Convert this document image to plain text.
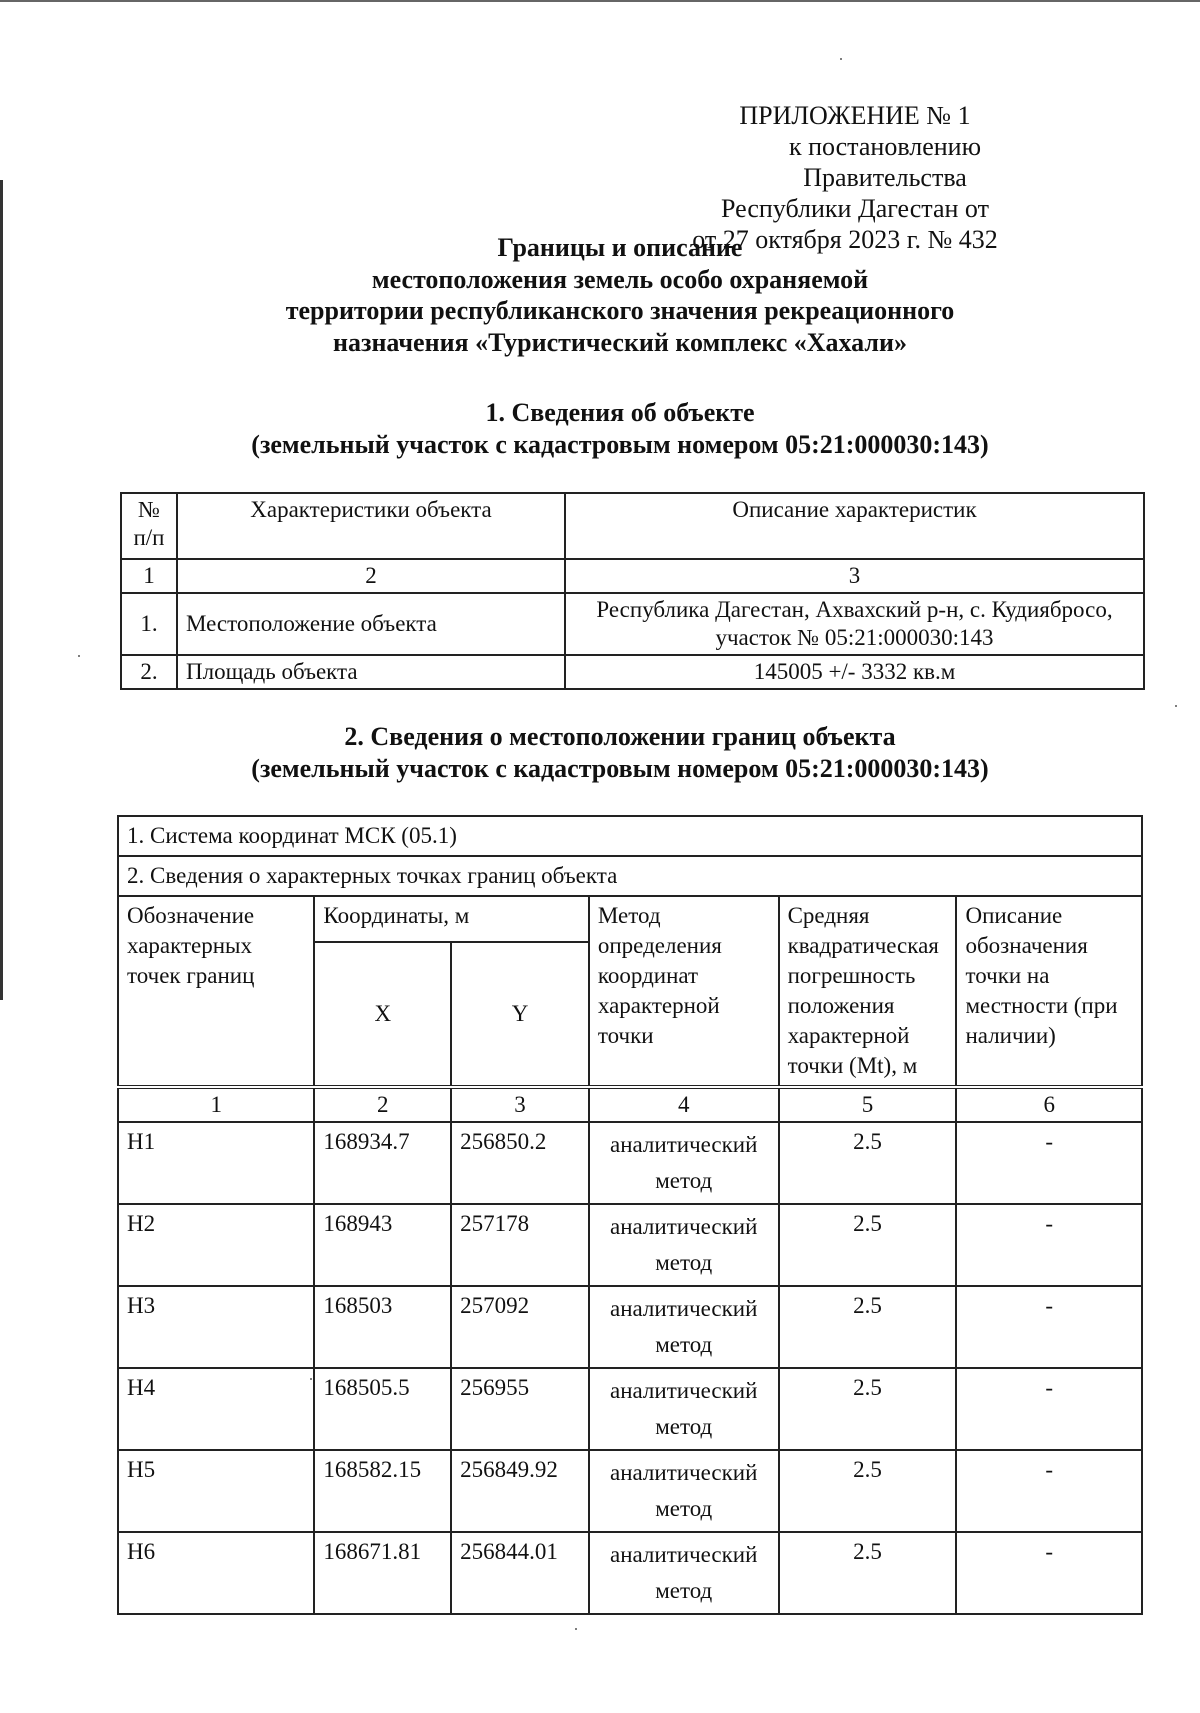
ПРИЛОЖЕНИЕ № 1
к постановлению Правительства
Республики Дагестан от
от 27 октября 2023 г. № 432
Границы и описание
местоположения земель особо охраняемой
территории республиканского значения рекреационного
назначения «Туристический комплекс «Хахали»
1. Сведения об объекте
(земельный участок с кадастровым номером 05:21:000030:143)
№ п/п	Характеристики объекта	Описание характеристик
1	2	3
1.	Местоположение объекта	Республика Дагестан, Ахвахский р-н, с. Кудиябросо, участок № 05:21:000030:143
2.	Площадь объекта	145005 +/- 3332 кв.м
2. Сведения о местоположении границ объекта
(земельный участок с кадастровым номером 05:21:000030:143)
1. Система координат МСК (05.1)					
2. Сведения о характерных точках границ объекта					
Обозначение характерных точек границ	Координаты, м		Метод определения координат характерной точки	Средняя квадратическая погрешность положения характерной точки (Mt), м	Описание обозначения точки на местности (при наличии)
	X	Y			
1	2	3	4	5	6
Н1	168934.7	256850.2	аналитический метод	2.5	-
Н2	168943	257178	аналитический метод	2.5	-
Н3	168503	257092	аналитический метод	2.5	-
Н4	168505.5	256955	аналитический метод	2.5	-
Н5	168582.15	256849.92	аналитический метод	2.5	-
Н6	168671.81	256844.01	аналитический метод	2.5	-
